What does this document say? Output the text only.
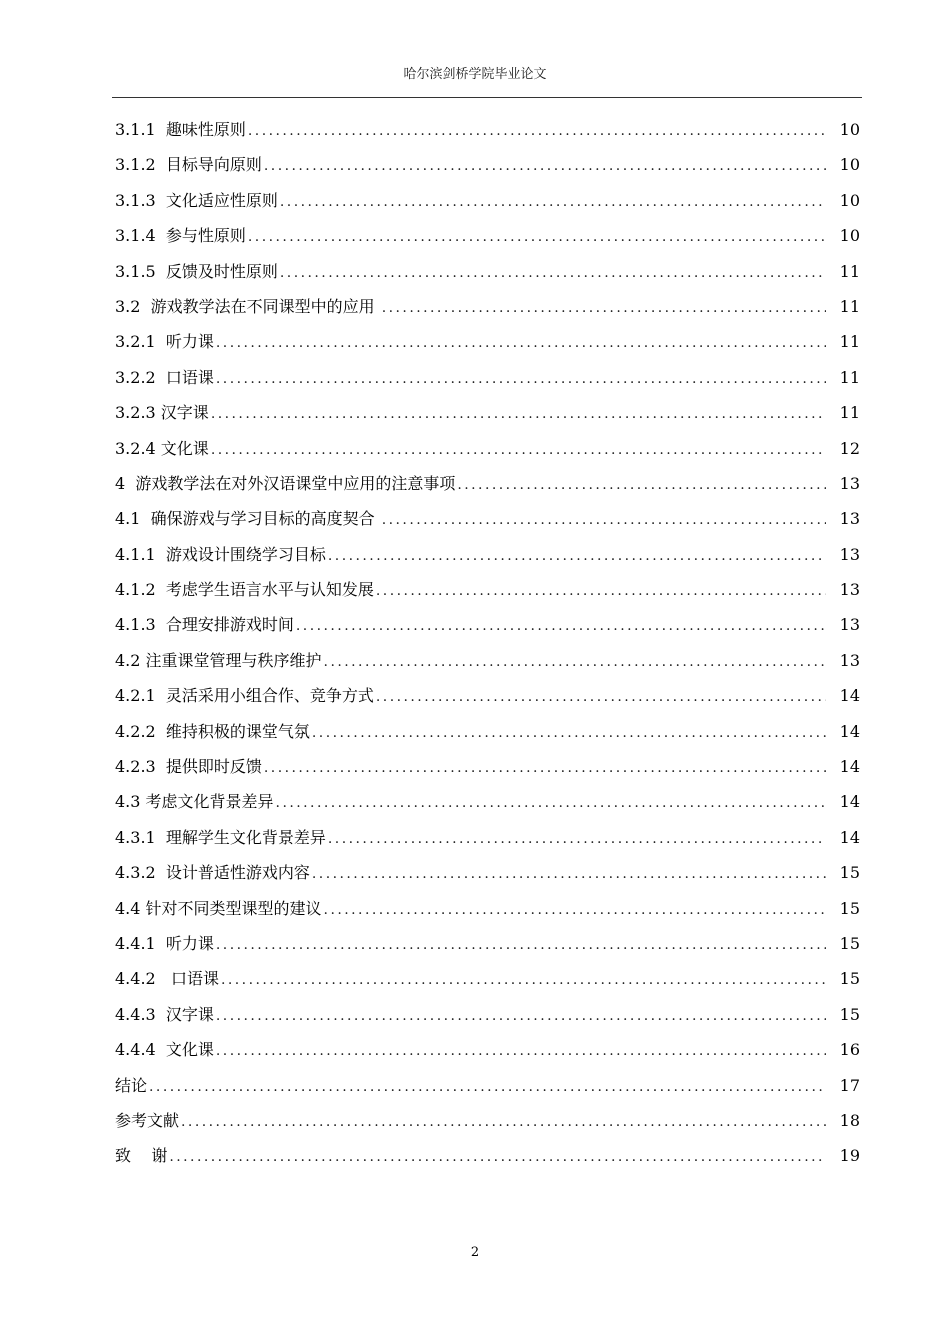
哈尔滨剑桥学院毕业论文
3.1.1  趣味性原则 . . .	10
3.1.2  目标导向原则 . . .	10
3.1.3  文化适应性原则 . . .	10
3.1.4  参与性原则 . . .	10
3.1.5  反馈及时性原则 . . .	11
3.2  游戏教学法在不同课型中的应用 . . .	11
3.2.1  听力课 . . .	11
3.2.2  口语课 . . .	11
3.2.3 汉字课 . . .	11
3.2.4 文化课 . . .	12
4  游戏教学法在对外汉语课堂中应用的注意事项 . . .	13
4.1  确保游戏与学习目标的高度契合 . . .	13
4.1.1  游戏设计围绕学习目标 . . .	13
4.1.2  考虑学生语言水平与认知发展 . . .	13
4.1.3  合理安排游戏时间 . . .	13
4.2 注重课堂管理与秩序维护 . . .	13
4.2.1  灵活采用小组合作、竞争方式 . . .	14
4.2.2  维持积极的课堂气氛 . . .	14
4.2.3  提供即时反馈 . . .	14
4.3 考虑文化背景差异 . . .	14
4.3.1  理解学生文化背景差异 . . .	14
4.3.2  设计普适性游戏内容 . . .	15
4.4 针对不同类型课型的建议 . . .	15
4.4.1  听力课 . . .	15
4.4.2   口语课 . . .	15
4.4.3  汉字课 . . .	15
4.4.4  文化课 . . .	16
结论 . . .	17
参考文献 . . .	18
致    谢 . . .	19
2
